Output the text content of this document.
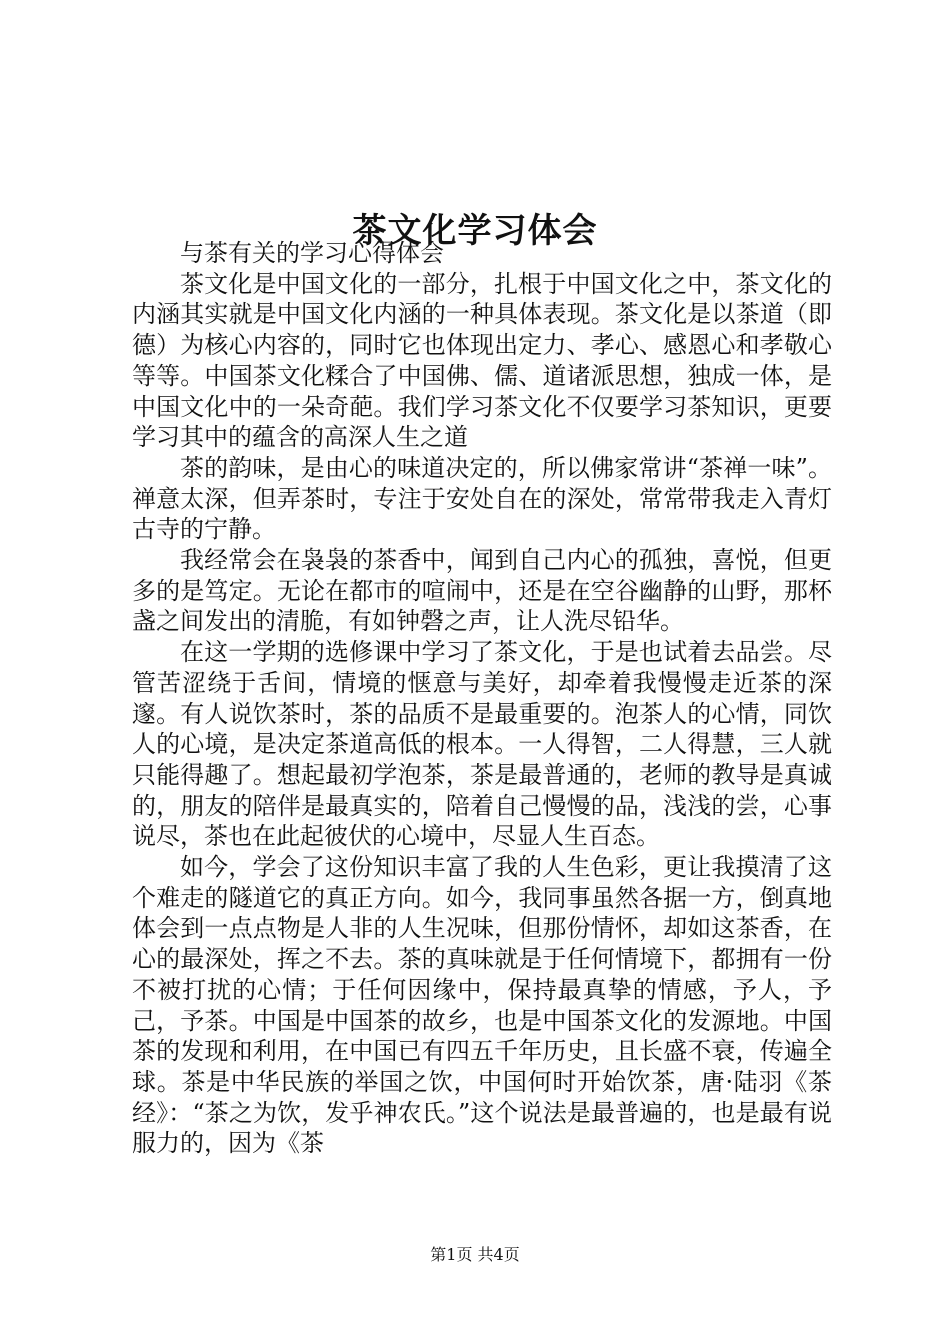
茶文化学习体会

与茶有关的学习心得体会

茶文化是中国文化的一部分，扎根于中国文化之中，茶文化的内涵其实就是中国文化内涵的一种具体表现。茶文化是以茶道（即德）为核心内容的，同时它也体现出定力、孝心、感恩心和孝敬心等等。中国茶文化糅合了中国佛、儒、道诸派思想，独成一体，是中国文化中的一朵奇葩。我们学习茶文化不仅要学习茶知识，更要学习其中的蕴含的高深人生之道

茶的韵味，是由心的味道决定的，所以佛家常讲“茶禅一味”。禅意太深，但弄茶时，专注于安处自在的深处，常常带我走入青灯古寺的宁静。

我经常会在袅袅的茶香中，闻到自己内心的孤独，喜悦，但更多的是笃定。无论在都市的喧闹中，还是在空谷幽静的山野，那杯盏之间发出的清脆，有如钟磬之声，让人洗尽铅华。

在这一学期的选修课中学习了茶文化，于是也试着去品尝。尽管苦涩绕于舌间，情境的惬意与美好，却牵着我慢慢走近茶的深邃。有人说饮茶时，茶的品质不是最重要的。泡茶人的心情，同饮人的心境，是决定茶道高低的根本。一人得智，二人得慧，三人就只能得趣了。想起最初学泡茶，茶是最普通的，老师的教导是真诚的，朋友的陪伴是最真实的，陪着自己慢慢的品，浅浅的尝，心事说尽，茶也在此起彼伏的心境中，尽显人生百态。

如今，学会了这份知识丰富了我的人生色彩，更让我摸清了这个难走的隧道它的真正方向。如今，我同事虽然各据一方，倒真地体会到一点点物是人非的人生况味，但那份情怀，却如这茶香，在心的最深处，挥之不去。茶的真味就是于任何情境下，都拥有一份不被打扰的心情；于任何因缘中，保持最真挚的情感，予人，予己，予茶。中国是中国茶的故乡，也是中国茶文化的发源地。中国茶的发现和利用，在中国已有四五千年历史，且长盛不衰，传遍全球。茶是中华民族的举国之饮，中国何时开始饮茶，唐·陆羽《茶经》：“茶之为饮，发乎神农氏。”这个说法是最普遍的，也是最有说服力的，因为《茶

第1页 共4页
